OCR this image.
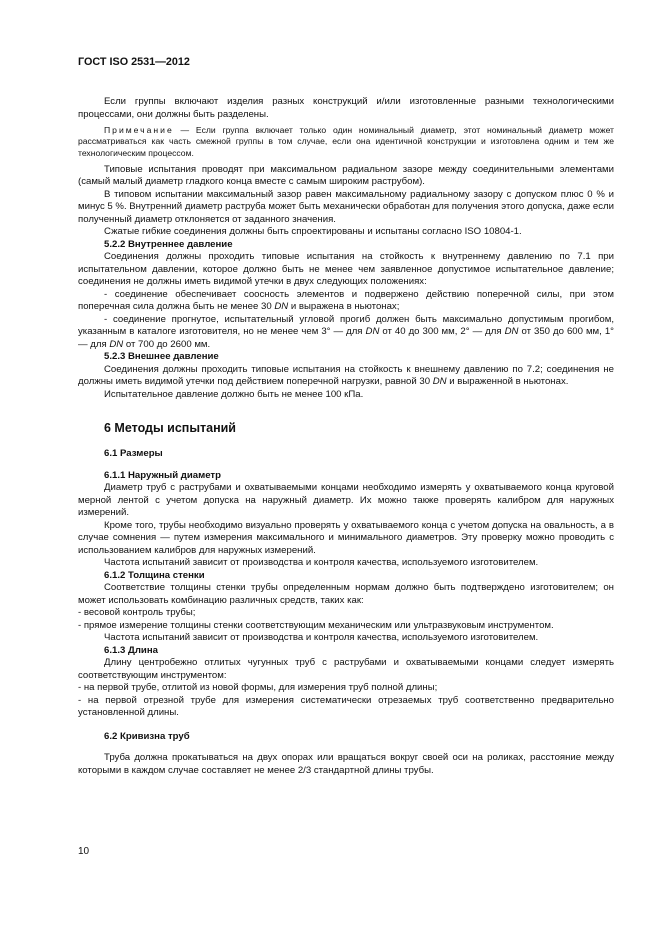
ГОСТ ISO 2531—2012

Если группы включают изделия разных конструкций и/или изготовленные разными технологическими процессами, они должны быть разделены.

Примечание — Если группа включает только один номинальный диаметр, этот номинальный диаметр может рассматриваться как часть смежной группы в том случае, если она идентичной конструкции и изготовлена одним и тем же технологическим процессом.

Типовые испытания проводят при максимальном радиальном зазоре между соединительными элементами (самый малый диаметр гладкого конца вместе с самым широким раструбом).

В типовом испытании максимальный зазор равен максимальному радиальному зазору с допуском плюс 0 % и минус 5 %. Внутренний диаметр раструба может быть механически обработан для получения этого допуска, даже если полученный диаметр отклоняется от заданного значения.

Сжатые гибкие соединения должны быть спроектированы и испытаны согласно ISO 10804-1.

5.2.2 Внутреннее давление

Соединения должны проходить типовые испытания на стойкость к внутреннему давлению по 7.1 при испытательном давлении, которое должно быть не менее чем заявленное допустимое испытательное давление; соединения не должны иметь видимой утечки в двух следующих положениях:

- соединение обеспечивает соосность элементов и подвержено действию поперечной силы, при этом поперечная сила должна быть не менее 30 DN и выражена в ньютонах;

- соединение прогнутое, испытательный угловой прогиб должен быть максимально допустимым прогибом, указанным в каталоге изготовителя, но не менее чем 3° — для DN от 40 до 300 мм, 2° — для DN от 350 до 600 мм, 1° — для DN от 700 до 2600 мм.

5.2.3 Внешнее давление

Соединения должны проходить типовые испытания на стойкость к внешнему давлению по 7.2; соединения не должны иметь видимой утечки под действием поперечной нагрузки, равной 30 DN и выраженной в ньютонах.

Испытательное давление должно быть не менее 100 кПа.

6 Методы испытаний
6.1 Размеры
6.1.1 Наружный диаметр

Диаметр труб с раструбами и охватываемыми концами необходимо измерять у охватываемого конца круговой мерной лентой с учетом допуска на наружный диаметр. Их можно также проверять калибром для наружных измерений.

Кроме того, трубы необходимо визуально проверять у охватываемого конца с учетом допуска на овальность, а в случае сомнения — путем измерения максимального и минимального диаметров. Эту проверку можно проводить с использованием калибров для наружных измерений.

Частота испытаний зависит от производства и контроля качества, используемого изготовителем.

6.1.2 Толщина стенки

Соответствие толщины стенки трубы определенным нормам должно быть подтверждено изготовителем; он может использовать комбинацию различных средств, таких как:

- весовой контроль трубы;

- прямое измерение толщины стенки соответствующим механическим или ультразвуковым инструментом.

Частота испытаний зависит от производства и контроля качества, используемого изготовителем.

6.1.3 Длина

Длину центробежно отлитых чугунных труб с раструбами и охватываемыми концами следует измерять соответствующим инструментом:

- на первой трубе, отлитой из новой формы, для измерения труб полной длины;

- на первой отрезной трубе для измерения систематически отрезаемых труб соответственно предварительно установленной длины.

6.2 Кривизна труб

Труба должна прокатываться на двух опорах или вращаться вокруг своей оси на роликах, расстояние между которыми в каждом случае составляет не менее 2/3 стандартной длины трубы.

10
